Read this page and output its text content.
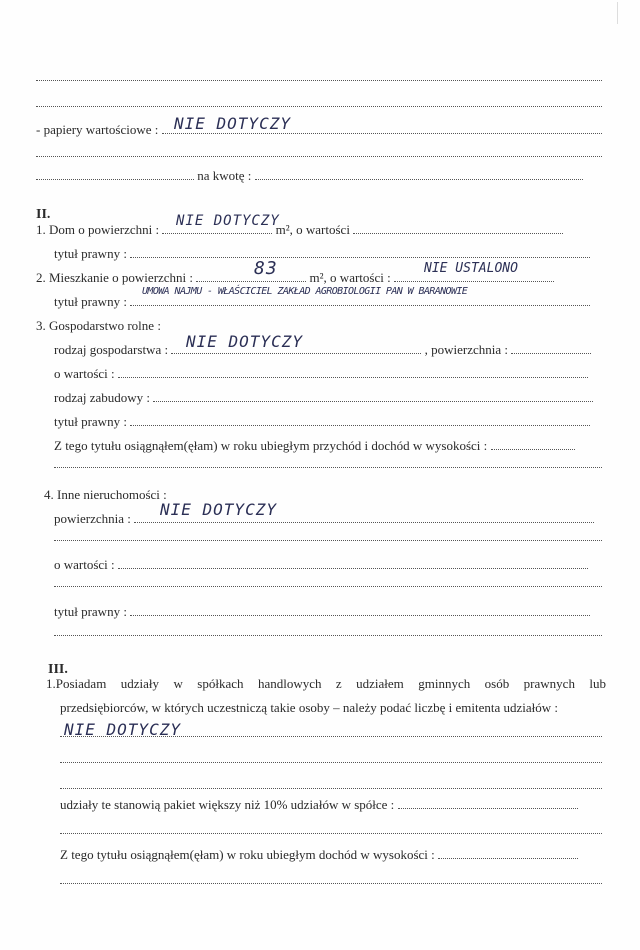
- papiery wartościowe : NIE DOTYCZY
na kwotę :
II.
1. Dom o powierzchni :	m², o wartości
NIE DOTYCZY
tytuł prawny :
2. Mieszkanie o powierzchni :	m², o wartości :
83	NIE USTALONO
tytuł prawny :
UMOWA NAJMU - WŁAŚCICIEL ZAKŁAD AGROBIOLOGII PAN W BARANOWIE
3. Gospodarstwo rolne :
rodzaj gospodarstwa :	, powierzchnia :
NIE DOTYCZY
o wartości :
rodzaj zabudowy :
tytuł prawny :
Z tego tytułu osiągnąłem(ęłam) w roku ubiegłym przychód i dochód w wysokości :
4. Inne nieruchomości :
powierzchnia :	NIE DOTYCZY
o wartości :
tytuł prawny :
III.
1.Posiadam udziały w spółkach handlowych z udziałem gminnych osób prawnych lub
przedsiębiorców, w których uczestniczą takie osoby – należy podać liczbę i emitenta udziałów :
NIE DOTYCZY
udziały te stanowią pakiet większy niż 10% udziałów w spółce :
Z tego tytułu osiągnąłem(ęłam) w roku ubiegłym dochód w wysokości :
